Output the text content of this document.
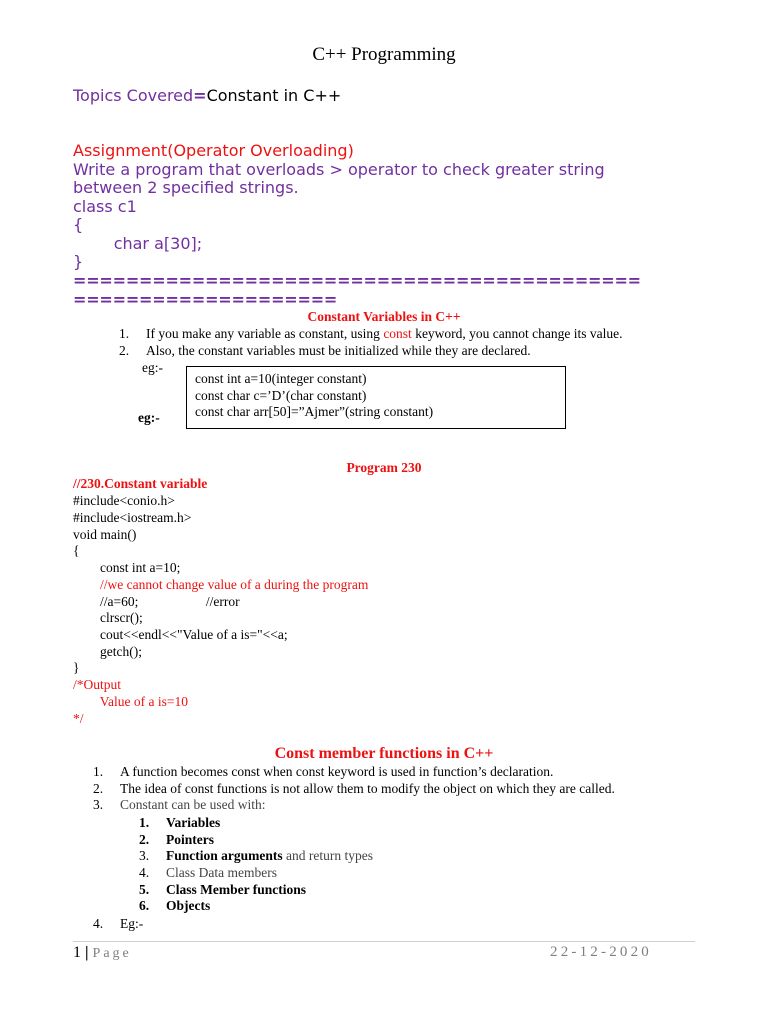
C++ Programming
Topics Covered=Constant in C++
Assignment(Operator Overloading)
Write a program that overloads > operator to check greater string
between 2 specified strings.
class c1
{
char a[30];
}
===========================================
====================
Constant Variables in C++
1. If you make any variable as constant, using const keyword, you cannot change its value.
2. Also, the constant variables must be initialized while they are declared.
eg:-
eg:-
const int a=10(integer constant)
const char c=’D’(char constant)
const char arr[50]=”Ajmer”(string constant)
Program 230
//230.Constant variable
#include<conio.h>
#include<iostream.h>
void main()
{
const int a=10;
//we cannot change value of a during the program
//a=60;                    //error
clrscr();
cout<<endl<<"Value of a is="<<a;
getch();
}
/*Output
Value of a is=10
*/
Const member functions in C++
1. A function becomes const when const keyword is used in function’s declaration.
2. The idea of const functions is not allow them to modify the object on which they are called.
3. Constant can be used with:
1. Variables
2. Pointers
3. Function arguments and return types
4. Class Data members
5. Class Member functions
6. Objects
4. Eg:-
1 | Page	22-12-2020
